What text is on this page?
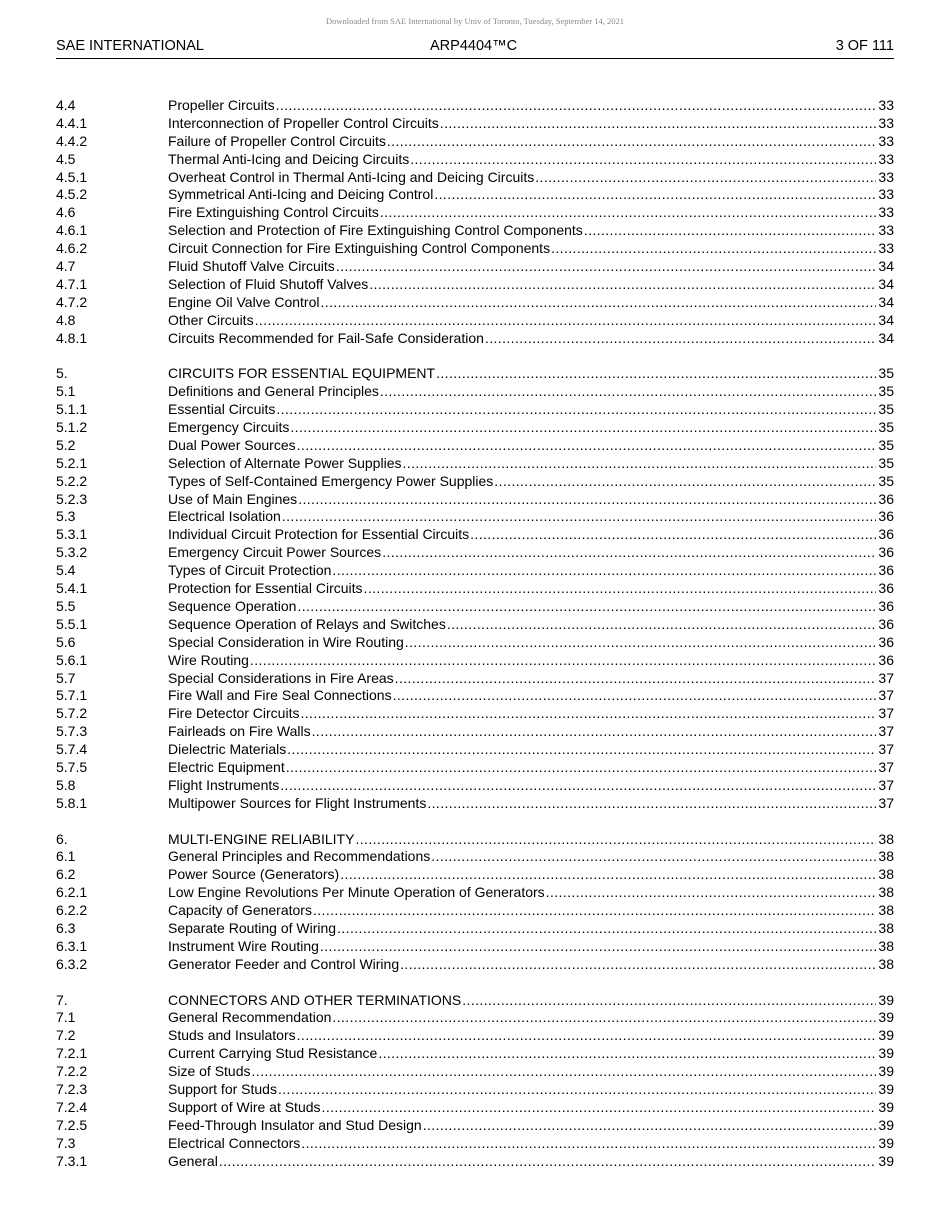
Downloaded from SAE International by Univ of Toronto, Tuesday, September 14, 2021
SAE INTERNATIONAL	ARP4404™C	3 OF 111
4.4	Propeller Circuits .....	33
4.4.1	Interconnection of Propeller Control Circuits .....	33
4.4.2	Failure of Propeller Control Circuits .....	33
4.5	Thermal Anti-Icing and Deicing Circuits .....	33
4.5.1	Overheat Control in Thermal Anti-Icing and Deicing Circuits .....	33
4.5.2	Symmetrical Anti-Icing and Deicing Control .....	33
4.6	Fire Extinguishing Control Circuits .....	33
4.6.1	Selection and Protection of Fire Extinguishing Control Components .....	33
4.6.2	Circuit Connection for Fire Extinguishing Control Components .....	33
4.7	Fluid Shutoff Valve Circuits .....	34
4.7.1	Selection of Fluid Shutoff Valves .....	34
4.7.2	Engine Oil Valve Control .....	34
4.8	Other Circuits .....	34
4.8.1	Circuits Recommended for Fail-Safe Consideration .....	34
5.	CIRCUITS FOR ESSENTIAL EQUIPMENT .....	35
5.1	Definitions and General Principles .....	35
5.1.1	Essential Circuits .....	35
5.1.2	Emergency Circuits .....	35
5.2	Dual Power Sources .....	35
5.2.1	Selection of Alternate Power Supplies .....	35
5.2.2	Types of Self-Contained Emergency Power Supplies .....	35
5.2.3	Use of Main Engines .....	36
5.3	Electrical Isolation .....	36
5.3.1	Individual Circuit Protection for Essential Circuits .....	36
5.3.2	Emergency Circuit Power Sources .....	36
5.4	Types of Circuit Protection .....	36
5.4.1	Protection for Essential Circuits .....	36
5.5	Sequence Operation .....	36
5.5.1	Sequence Operation of Relays and Switches .....	36
5.6	Special Consideration in Wire Routing .....	36
5.6.1	Wire Routing .....	36
5.7	Special Considerations in Fire Areas .....	37
5.7.1	Fire Wall and Fire Seal Connections .....	37
5.7.2	Fire Detector Circuits .....	37
5.7.3	Fairleads on Fire Walls .....	37
5.7.4	Dielectric Materials .....	37
5.7.5	Electric Equipment .....	37
5.8	Flight Instruments .....	37
5.8.1	Multipower Sources for Flight Instruments .....	37
6.	MULTI-ENGINE RELIABILITY .....	38
6.1	General Principles and Recommendations .....	38
6.2	Power Source (Generators) .....	38
6.2.1	Low Engine Revolutions Per Minute Operation of Generators .....	38
6.2.2	Capacity of Generators .....	38
6.3	Separate Routing of Wiring .....	38
6.3.1	Instrument Wire Routing .....	38
6.3.2	Generator Feeder and Control Wiring .....	38
7.	CONNECTORS AND OTHER TERMINATIONS .....	39
7.1	General Recommendation .....	39
7.2	Studs and Insulators .....	39
7.2.1	Current Carrying Stud Resistance .....	39
7.2.2	Size of Studs .....	39
7.2.3	Support for Studs .....	39
7.2.4	Support of Wire at Studs .....	39
7.2.5	Feed-Through Insulator and Stud Design .....	39
7.3	Electrical Connectors .....	39
7.3.1	General .....	39
